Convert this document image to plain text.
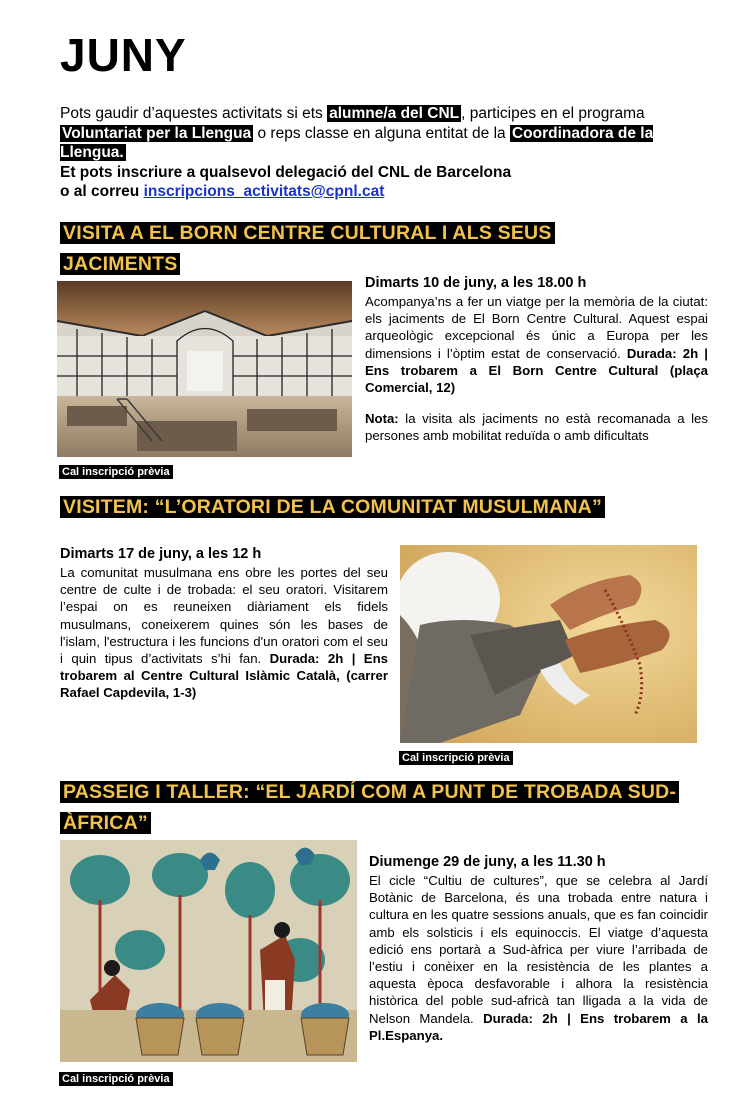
JUNY
Pots gaudir d’aquestes activitats si ets alumne/a del CNL , participes en el programa Voluntariat per la Llengua o reps classe en alguna entitat de la Coordinadora de la Llengua.
Et pots inscriure a qualsevol delegació del CNL de Barcelona
o al correu inscripcions_activitats@cpnl.cat
VISITA A EL BORN CENTRE CULTURAL I ALS SEUS JACIMENTS
Dimarts 10 de juny, a les 18.00 h
Acompanya’ns a fer un viatge per la memòria de la ciutat: els jaciments de El Born Centre Cultural. Aquest espai arqueològic excepcional és únic a Europa per les dimensions i l’òptim estat de conservació. Durada: 2h | Ens trobarem a El Born Centre Cultural (plaça Comercial, 12)
Nota: la visita als jaciments no està recomanada a les persones amb mobilitat reduïda o amb dificultats
Cal inscripció prèvia
VISITEM: “L’ORATORI DE LA COMUNITAT MUSULMANA”
Dimarts 17 de juny, a les 12 h
La comunitat musulmana ens obre les portes del seu centre de culte i de trobada: el seu oratori. Visitarem l’espai on es reuneixen diàriament els fidels musulmans, coneixerem quines són les bases de l'islam, l'estructura i les funcions d'un oratori com el seu i quin tipus d’activitats s’hi fan. Durada: 2h | Ens trobarem al Centre Cultural Islàmic Català, (carrer Rafael Capdevila, 1-3)
Cal inscripció prèvia
PASSEIG I TALLER: “EL JARDÍ COM A PUNT DE TROBADA SUD-ÀFRICA”
Diumenge 29 de juny, a les 11.30 h
El cicle “Cultiu de cultures”, que se celebra al Jardí Botànic de Barcelona, és una trobada entre natura i cultura en les quatre sessions anuals, que es fan coincidir amb els solsticis i els equinoccis. El viatge d’aquesta edició ens portarà a Sud-àfrica per viure l’arribada de l’estiu i conèixer en la resistència de les plantes a aquesta època desfavorable i alhora la resistència històrica del poble sud-africà tan lligada a la vida de Nelson Mandela. Durada: 2h | Ens trobarem a la Pl.Espanya.
Cal inscripció prèvia
